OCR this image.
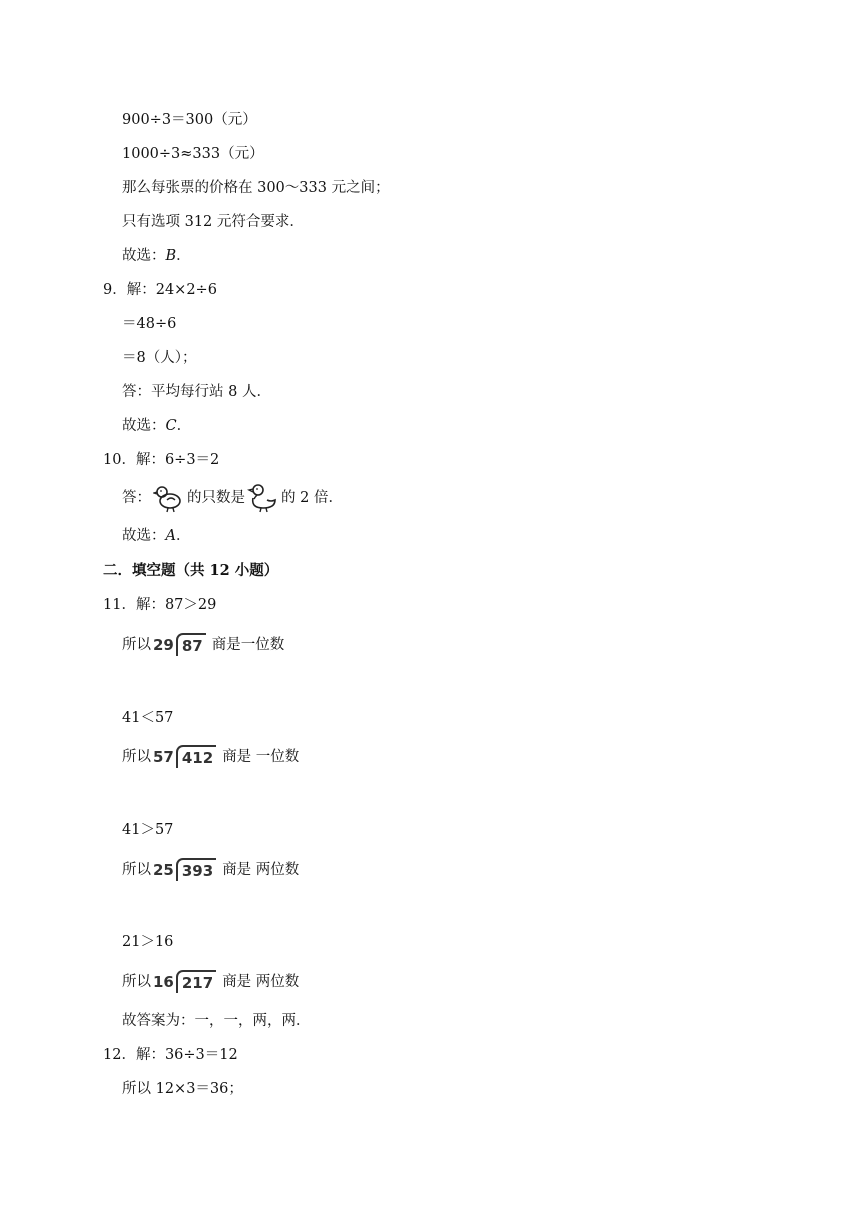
900÷3＝300（元）
1000÷3≈333（元）
那么每张票的价格在 300～333 元之间；
只有选项 312 元符合要求．
故选： B ．
9．解：24×2÷6
＝48÷6
＝8（人）；
答：平均每行站 8 人．
故选： C ．
10．解：6÷3＝2
答： 的只数是 的 2 倍．
故选： A ．
二．填空题（共 12 小题）
11．解：87＞29
所以 29 87 商是一位数
41＜57
所以 57 412 商是 一位数
41＞57
所以 25 393 商是 两位数
21＞16
所以 16 217 商是 两位数
故答案为：一，一，两，两．
12．解：36÷3＝12
所以 12×3＝36；
